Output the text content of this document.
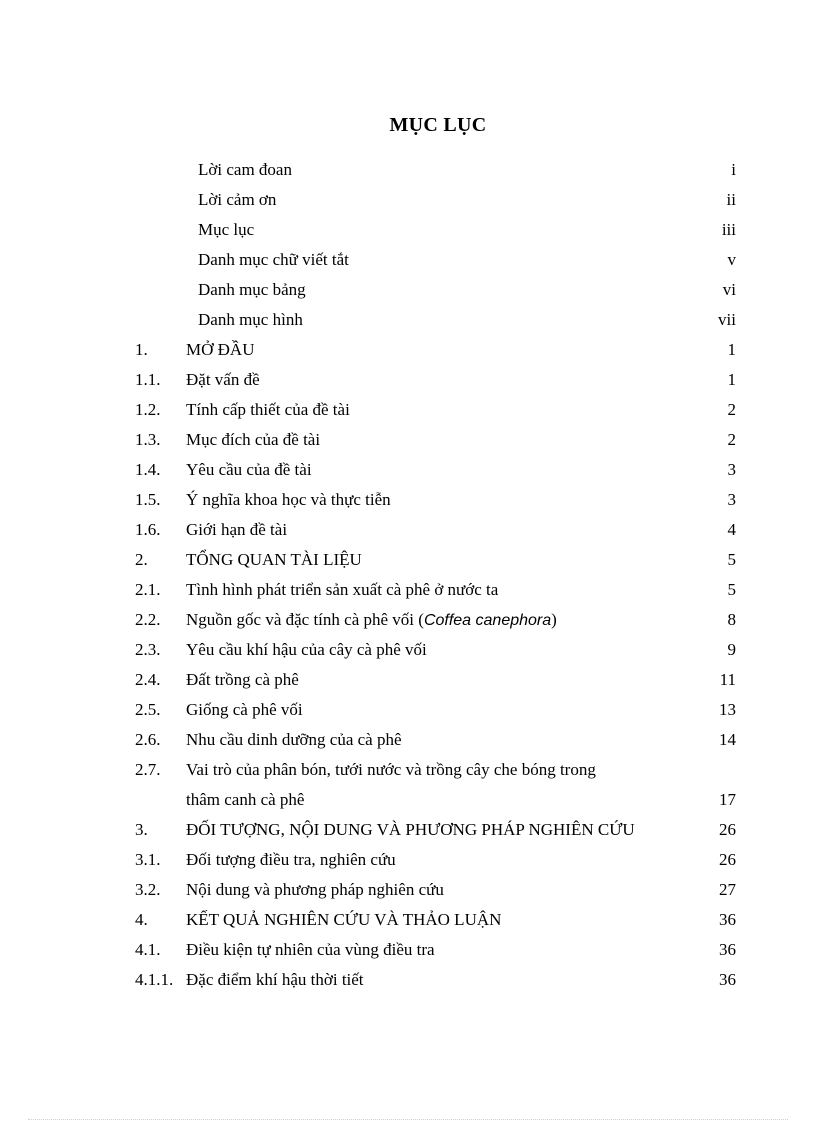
MỤC LỤC
Lời cam đoan	i
Lời cảm ơn	ii
Mục lục	iii
Danh mục chữ viết tắt	v
Danh mục bảng	vi
Danh mục hình	vii
1. MỞ ĐẦU	1
1.1. Đặt vấn đề	1
1.2. Tính cấp thiết của đề tài	2
1.3. Mục đích của đề tài	2
1.4. Yêu cầu của đề tài	3
1.5. Ý nghĩa khoa học và thực tiễn	3
1.6. Giới hạn đề tài	4
2. TỔNG QUAN TÀI LIỆU	5
2.1. Tình hình phát triển sản xuất cà phê ở nước ta	5
2.2. Nguồn gốc và đặc tính cà phê vối (Coffea canephora)	8
2.3. Yêu cầu khí hậu của cây cà phê vối	9
2.4. Đất trồng cà phê	11
2.5. Giống cà phê vối	13
2.6. Nhu cầu dinh dưỡng của cà phê	14
2.7. Vai trò của phân bón, tưới nước và trồng cây che bóng trong
thâm canh cà phê	17
3. ĐỐI TƯỢNG, NỘI DUNG VÀ PHƯƠNG PHÁP NGHIÊN CỨU	26
3.1. Đối tượng điều tra, nghiên cứu	26
3.2. Nội dung và phương pháp nghiên cứu	27
4. KẾT QUẢ NGHIÊN CỨU VÀ THẢO LUẬN	36
4.1. Điều kiện tự nhiên của vùng điều tra	36
4.1.1. Đặc điểm khí hậu thời tiết	36
